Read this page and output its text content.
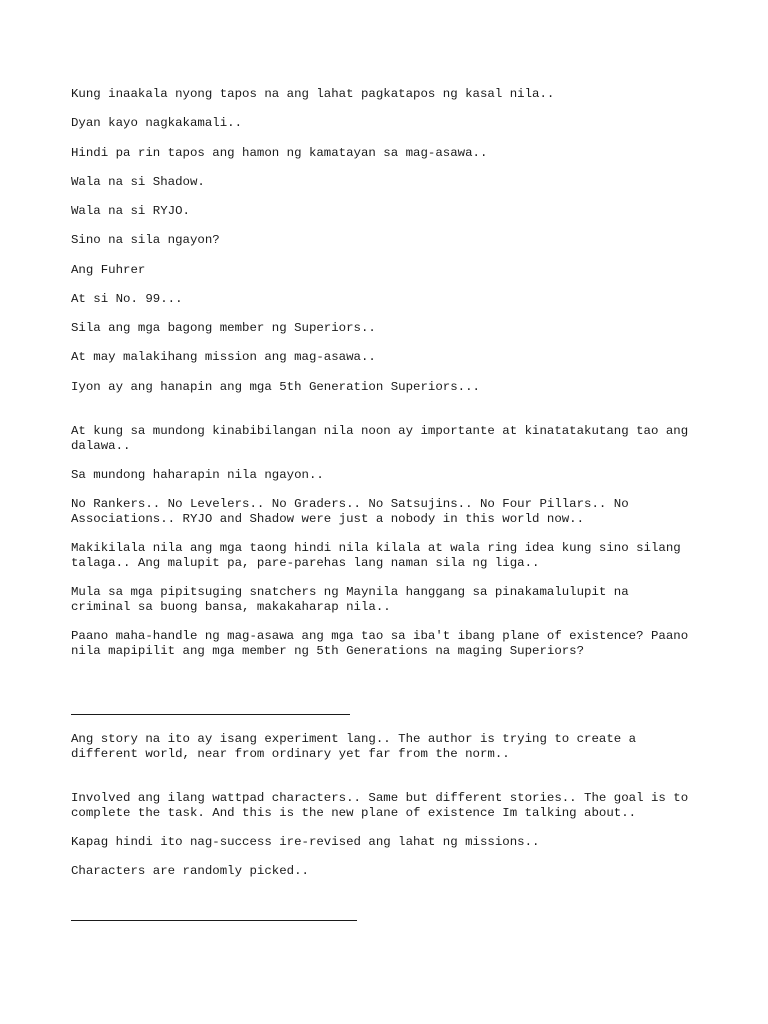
Kung inaakala nyong tapos na ang lahat pagkatapos ng kasal nila..

Dyan kayo nagkakamali..

Hindi pa rin tapos ang hamon ng kamatayan sa mag-asawa..

Wala na si Shadow.

Wala na si RYJO.

Sino na sila ngayon?

Ang Fuhrer

At si No. 99...

Sila ang mga bagong member ng Superiors..

At may malakihang mission ang mag-asawa..

Iyon ay ang hanapin ang mga 5th Generation Superiors...

At kung sa mundong kinabibilangan nila noon ay importante at kinatatakutang tao ang
dalawa..

Sa mundong haharapin nila ngayon..

No Rankers.. No Levelers.. No Graders.. No Satsujins.. No Four Pillars.. No
Associations.. RYJO and Shadow were just a nobody in this world now..

Makikilala nila ang mga taong hindi nila kilala at wala ring idea kung sino silang
talaga.. Ang malupit pa, pare-parehas lang naman sila ng liga..

Mula sa mga pipitsuging snatchers ng Maynila hanggang sa pinakamalulupit na
criminal sa buong bansa, makakaharap nila..

Paano maha-handle ng mag-asawa ang mga tao sa iba't ibang plane of existence? Paano
nila mapipilit ang mga member ng 5th Generations na maging Superiors?

Ang story na ito ay isang experiment lang.. The author is trying to create a
different world, near from ordinary yet far from the norm..

Involved ang ilang wattpad characters.. Same but different stories.. The goal is to
complete the task. And this is the new plane of existence Im talking about..

Kapag hindi ito nag-success ire-revised ang lahat ng missions..

Characters are randomly picked..
